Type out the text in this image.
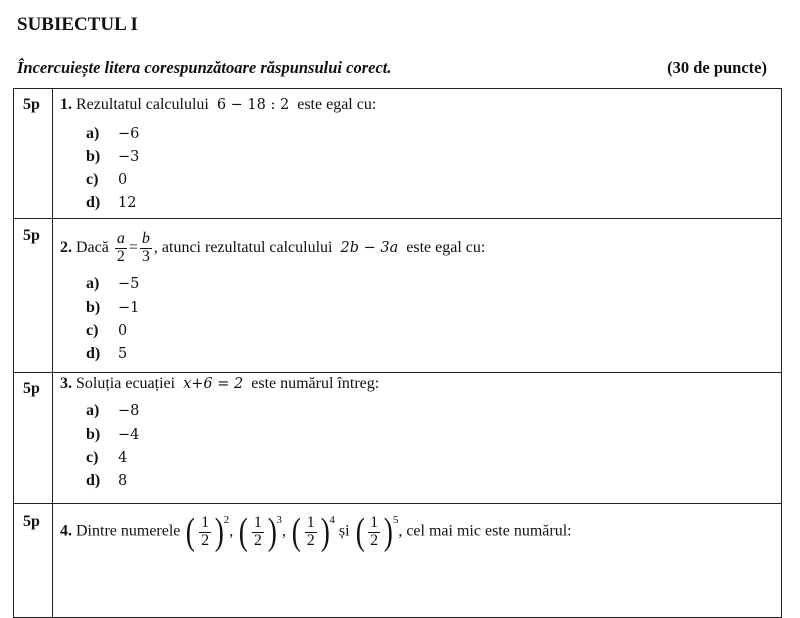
SUBIECTUL I
Încercuiește litera corespunzătoare răspunsului corect.	(30 de puncte)
5p 1. Rezultatul calculului 6 − 18 : 2 este egal cu:
a) −6
b) −3
c) 0
d) 12
5p
2. Dacă $\frac{a}{2} = \frac{b}{3}$ , atunci rezultatul calculului 2b − 3a este egal cu:
a) −5
b) −1
c) 0
d) 5
5p 3. Soluția ecuației x+6 = 2 este numărul întreg:
a) −8
b) −4
c) 4
d) 8
5p
4. Dintre numerele ( $\frac{1}{2}$ ) 2
, ( $\frac{1}{2}$ ) 3
, ( $\frac{1}{2}$ ) 4
și ( $\frac{1}{2}$ ) 5
, cel mai mic este numărul:
